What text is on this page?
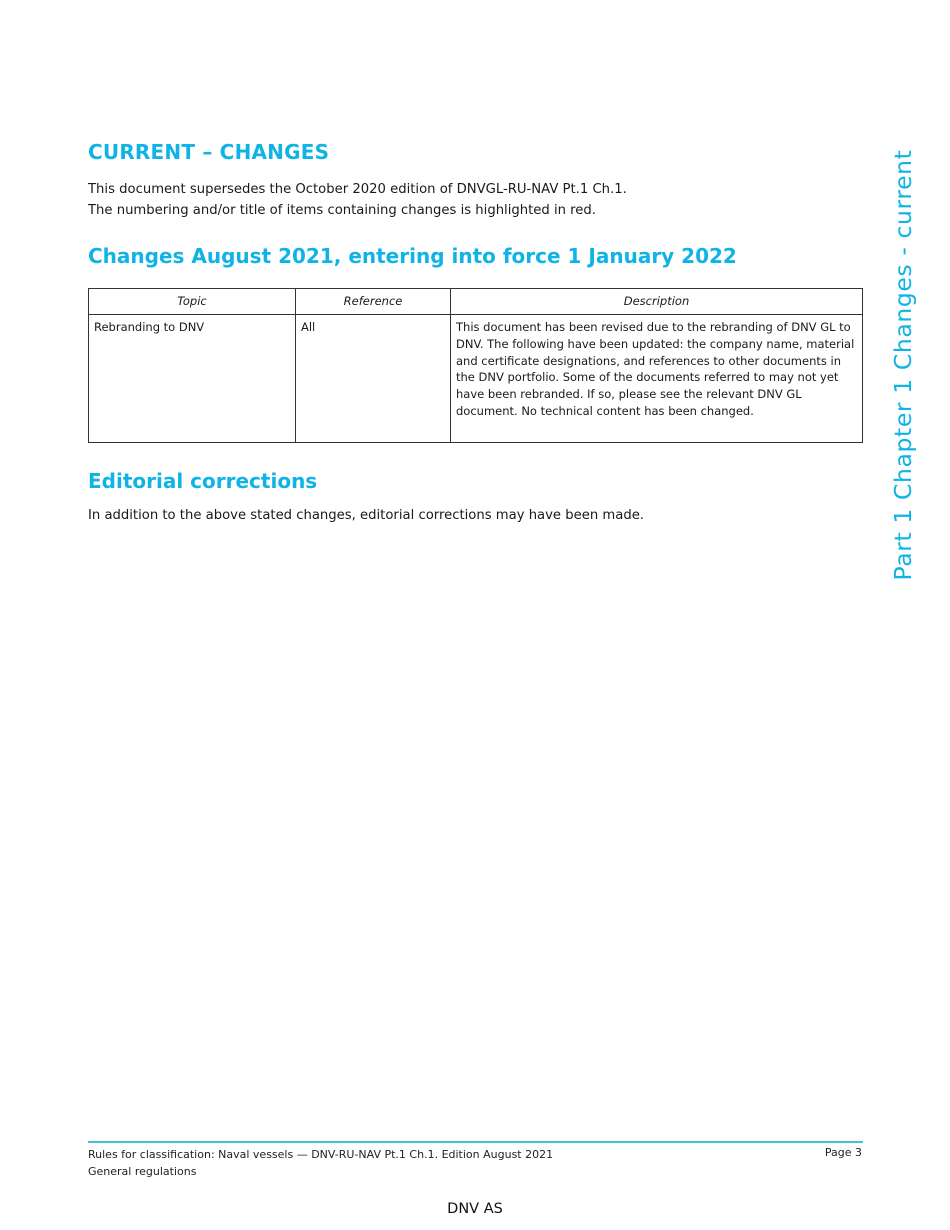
CURRENT – CHANGES

This document supersedes the October 2020 edition of DNVGL-RU-NAV Pt.1 Ch.1.

The numbering and/or title of items containing changes is highlighted in red.

Changes August 2021, entering into force 1 January 2022
Topic	Reference	Description
Rebranding to DNV	All	This document has been revised due to the rebranding of DNV GL to DNV. The following have been updated: the company name, material and certificate designations, and references to other documents in the DNV portfolio. Some of the documents referred to may not yet have been rebranded. If so, please see the relevant DNV GL document. No technical content has been changed.
Editorial corrections

In addition to the above stated changes, editorial corrections may have been made.	Part 1 Chapter 1 Changes - current
Rules for classification: Naval vessels — DNV-RU-NAV Pt.1 Ch.1. Edition August 2021
General regulations
Page 3
DNV AS
